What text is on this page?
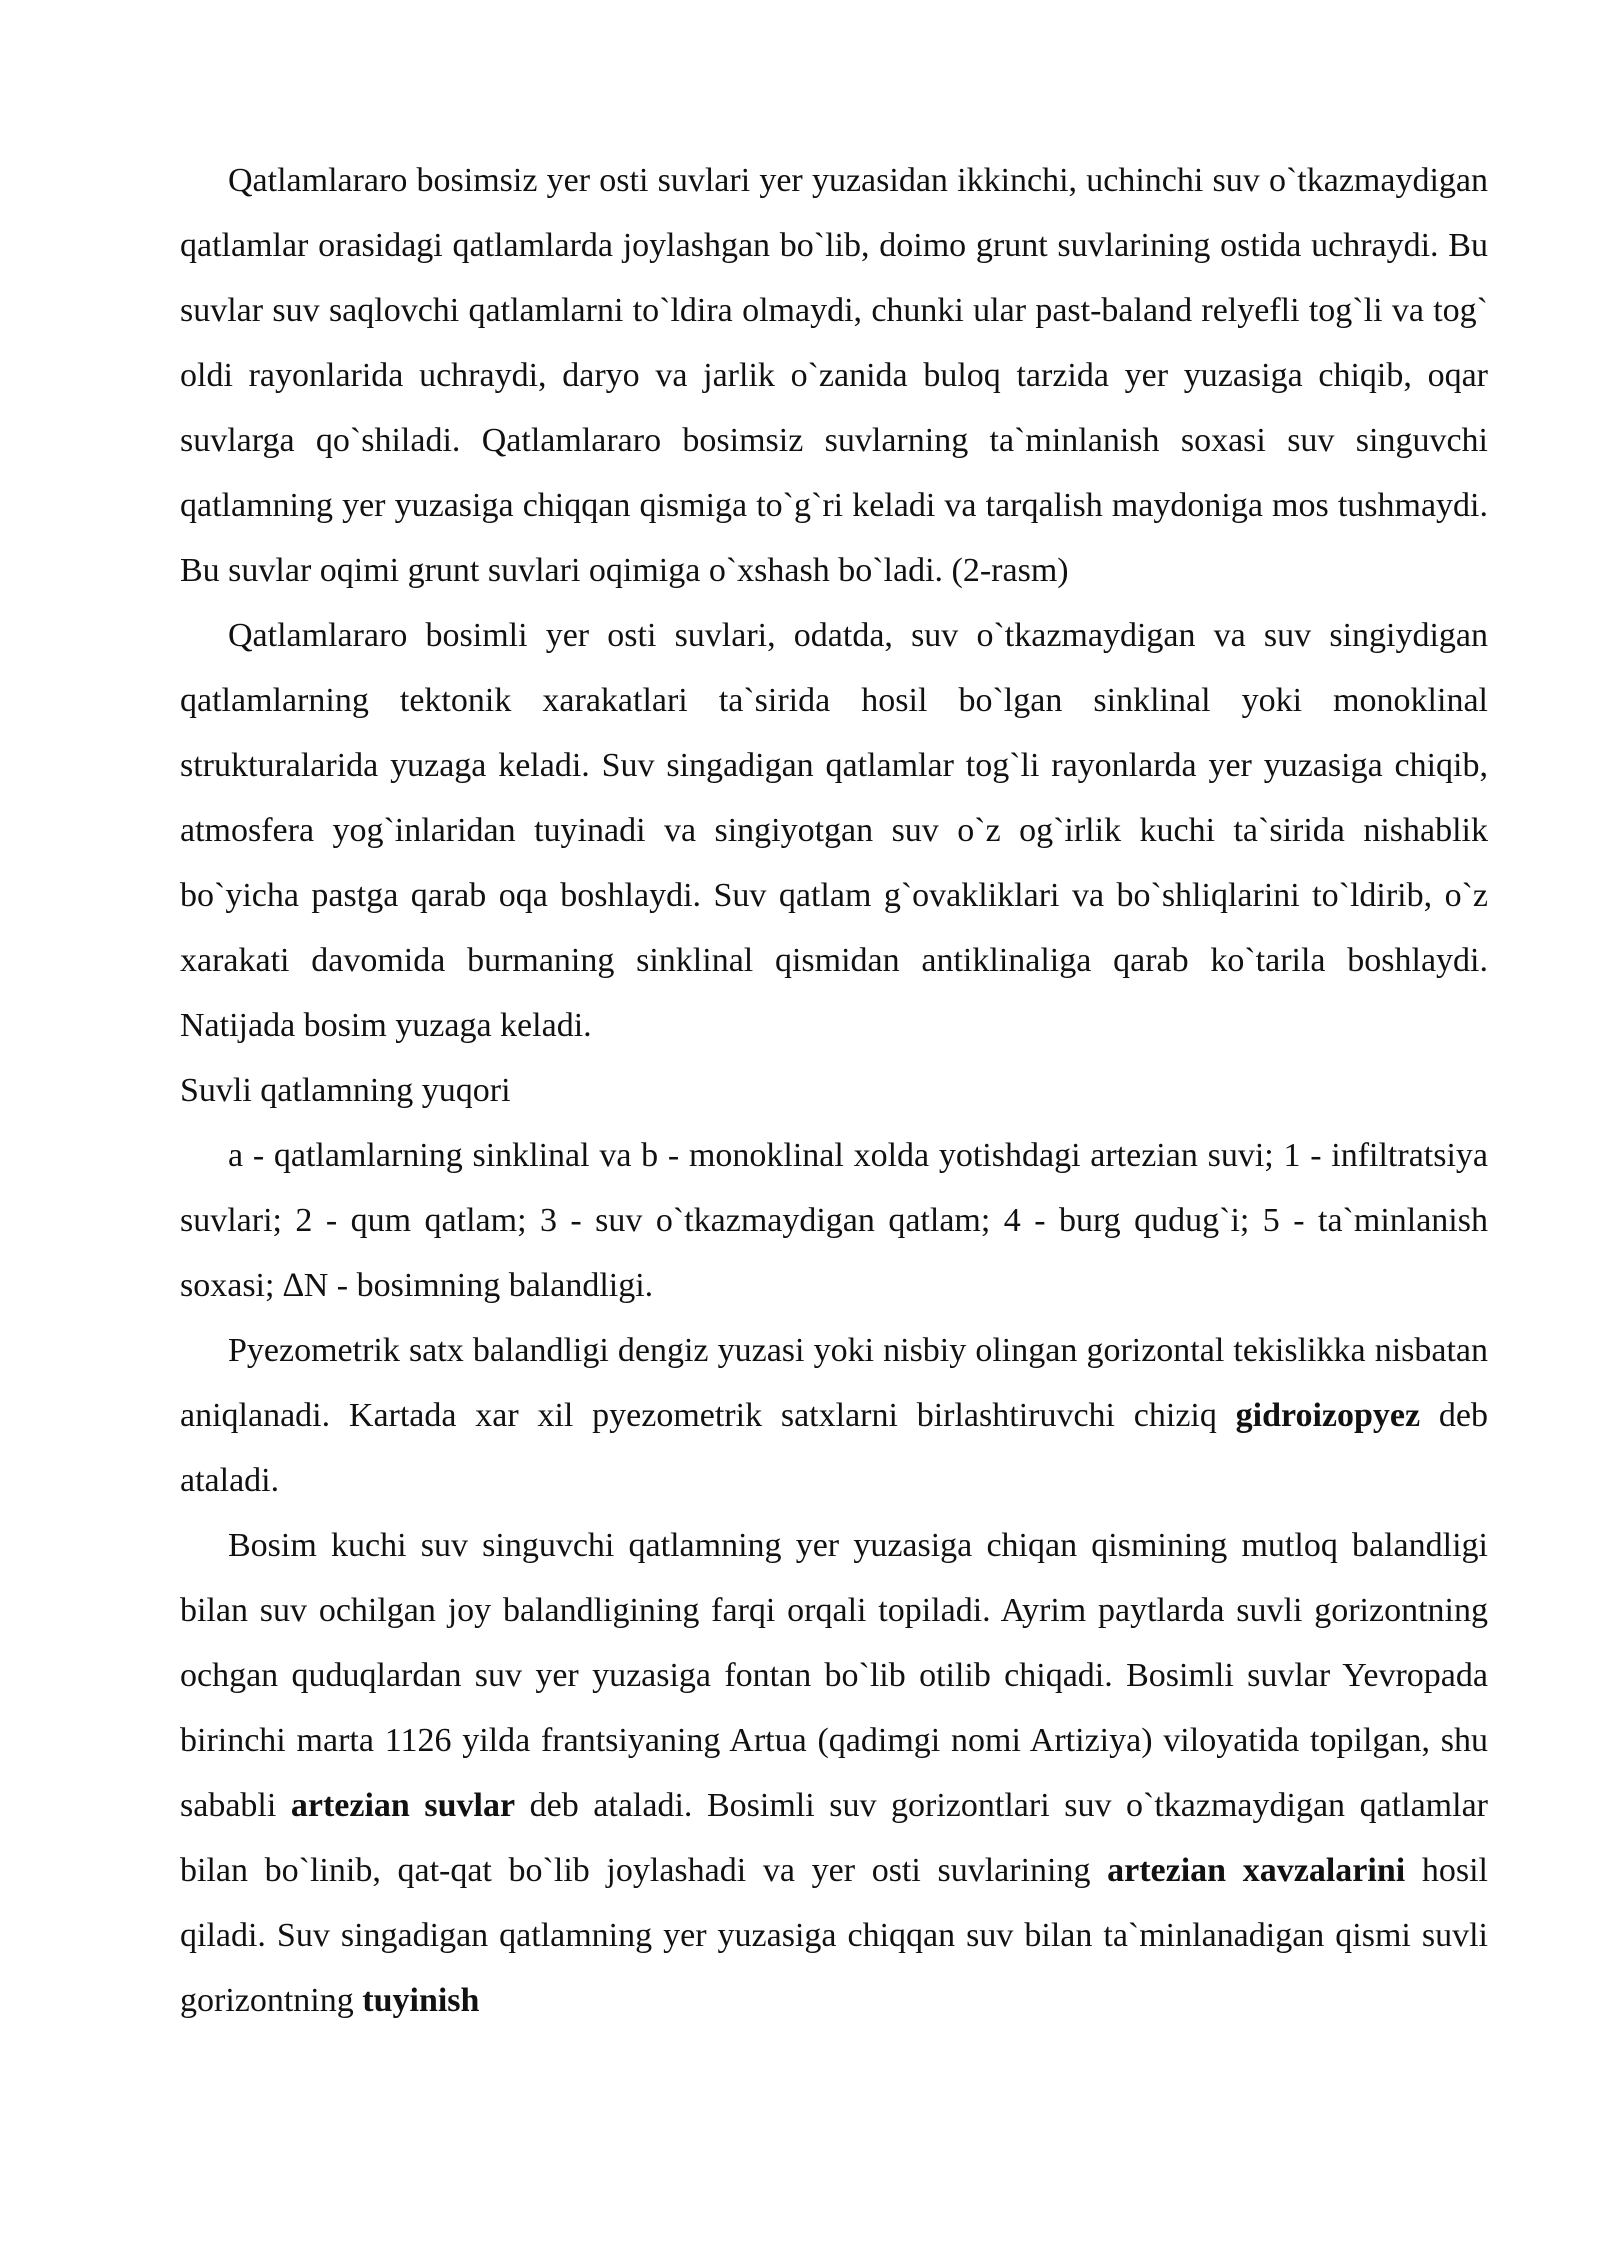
Qatlamlararo bosimsiz yer osti suvlari yer yuzasidan ikkinchi, uchinchi suv o`tkazmaydigan qatlamlar orasidagi qatlamlarda joylashgan bo`lib, doimo grunt suvlarining ostida uchraydi. Bu suvlar suv saqlovchi qatlamlarni to`ldira olmaydi, chunki ular past-baland relyefli tog`li va tog` oldi rayonlarida uchraydi, daryo va jarlik o`zanida buloq tarzida yer yuzasiga chiqib, oqar suvlarga qo`shiladi. Qatlamlararo bosimsiz suvlarning ta`minlanish soxasi suv singuvchi qatlamning yer yuzasiga chiqqan qismiga to`g`ri keladi va tarqalish maydoniga mos tushmaydi. Bu suvlar oqimi grunt suvlari oqimiga o`xshash bo`ladi. (2-rasm)

Qatlamlararo bosimli yer osti suvlari, odatda, suv o`tkazmaydigan va suv singiydigan qatlamlarning tektonik xarakatlari ta`sirida hosil bo`lgan sinklinal yoki monoklinal strukturalarida yuzaga keladi. Suv singadigan qatlamlar tog`li rayonlarda yer yuzasiga chiqib, atmosfera yog`inlaridan tuyinadi va singiyotgan suv o`z og`irlik kuchi ta`sirida nishablik bo`yicha pastga qarab oqa boshlaydi. Suv qatlam g`ovakliklari va bo`shliqlarini to`ldirib, o`z xarakati davomida burmaning sinklinal qismidan antiklinaliga qarab ko`tarila boshlaydi. Natijada bosim yuzaga keladi.

Suvli qatlamning yuqori

a - qatlamlarning sinklinal va b - monoklinal xolda yotishdagi artezian suvi; 1 - infiltratsiya suvlari; 2 - qum qatlam; 3 - suv o`tkazmaydigan qatlam; 4 - burg qudug`i; 5 - ta`minlanish soxasi; ∆N - bosimning balandligi.

Pyezometrik satx balandligi dengiz yuzasi yoki nisbiy olingan gorizontal tekislikka nisbatan aniqlanadi. Kartada xar xil pyezometrik satxlarni birlashtiruvchi chiziq gidroizopyez deb ataladi.

Bosim kuchi suv singuvchi qatlamning yer yuzasiga chiqan qismining mutloq balandligi bilan suv ochilgan joy balandligining farqi orqali topiladi. Ayrim paytlarda suvli gorizontning ochgan quduqlardan suv yer yuzasiga fontan bo`lib otilib chiqadi. Bosimli suvlar Yevropada birinchi marta 1126 yilda frantsiyaning Artua (qadimgi nomi Artiziya) viloyatida topilgan, shu sababli artezian suvlar deb ataladi. Bosimli suv gorizontlari suv o`tkazmaydigan qatlamlar bilan bo`linib, qat-qat bo`lib joylashadi va yer osti suvlarining artezian xavzalarini hosil qiladi. Suv singadigan qatlamning yer yuzasiga chiqqan suv bilan ta`minlanadigan qismi suvli gorizontning tuyinish
